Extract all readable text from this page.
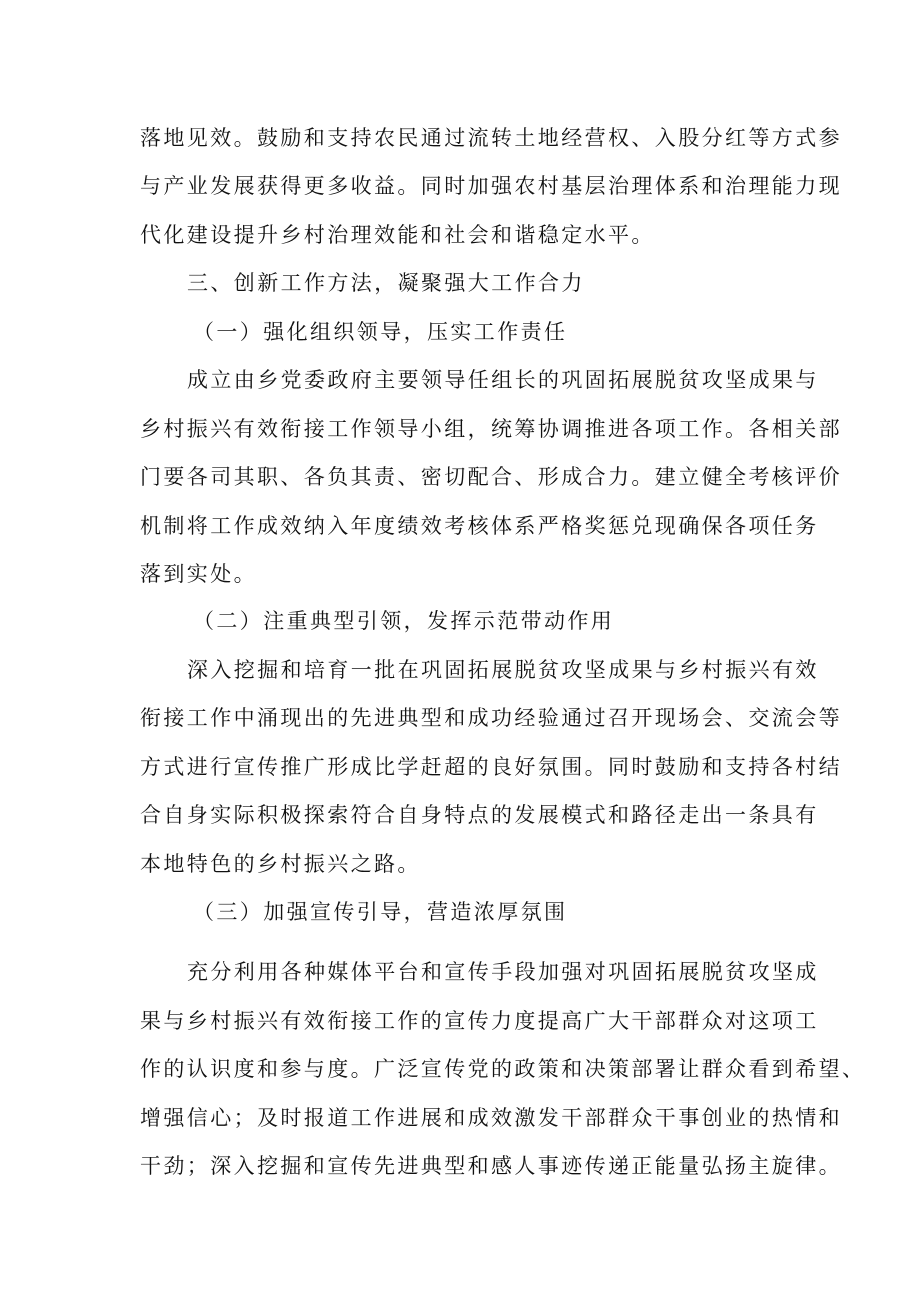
落地见效。鼓励和支持农民通过流转土地经营权、入股分红等方式参
与产业发展获得更多收益。同时加强农村基层治理体系和治理能力现
代化建设提升乡村治理效能和社会和谐稳定水平。
三、创新工作方法，凝聚强大工作合力
（一）强化组织领导，压实工作责任
成立由乡党委政府主要领导任组长的巩固拓展脱贫攻坚成果与
乡村振兴有效衔接工作领导小组，统筹协调推进各项工作。各相关部
门要各司其职、各负其责、密切配合、形成合力。建立健全考核评价
机制将工作成效纳入年度绩效考核体系严格奖惩兑现确保各项任务
落到实处。
（二）注重典型引领，发挥示范带动作用
深入挖掘和培育一批在巩固拓展脱贫攻坚成果与乡村振兴有效
衔接工作中涌现出的先进典型和成功经验通过召开现场会、交流会等
方式进行宣传推广形成比学赶超的良好氛围。同时鼓励和支持各村结
合自身实际积极探索符合自身特点的发展模式和路径走出一条具有
本地特色的乡村振兴之路。
（三）加强宣传引导，营造浓厚氛围
充分利用各种媒体平台和宣传手段加强对巩固拓展脱贫攻坚成
果与乡村振兴有效衔接工作的宣传力度提高广大干部群众对这项工
作的认识度和参与度。广泛宣传党的政策和决策部署让群众看到希望、
增强信心；及时报道工作进展和成效激发干部群众干事创业的热情和
干劲；深入挖掘和宣传先进典型和感人事迹传递正能量弘扬主旋律。
